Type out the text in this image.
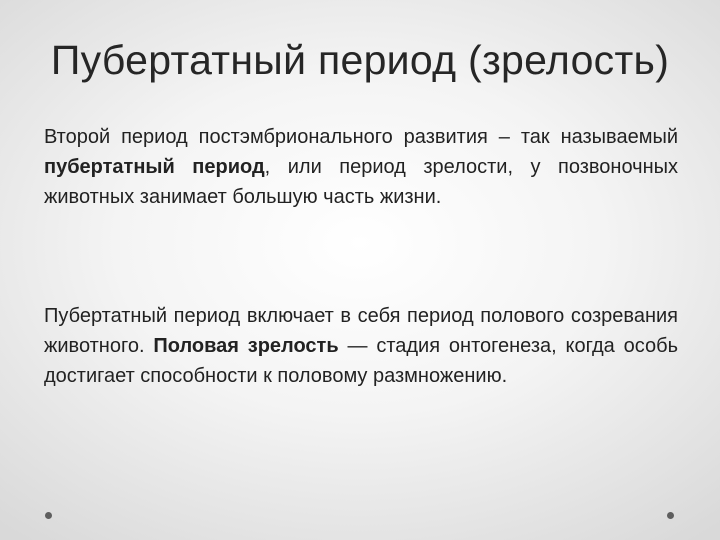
Пубертатный период (зрелость)
Второй период постэмбрионального развития – так называемый пубертатный период, или период зрелости, у позвоночных животных занимает большую часть жизни.
Пубертатный период включает в себя период полового созревания животного. Половая зрелость — стадия онтогенеза, когда особь достигает способности к половому размножению.
